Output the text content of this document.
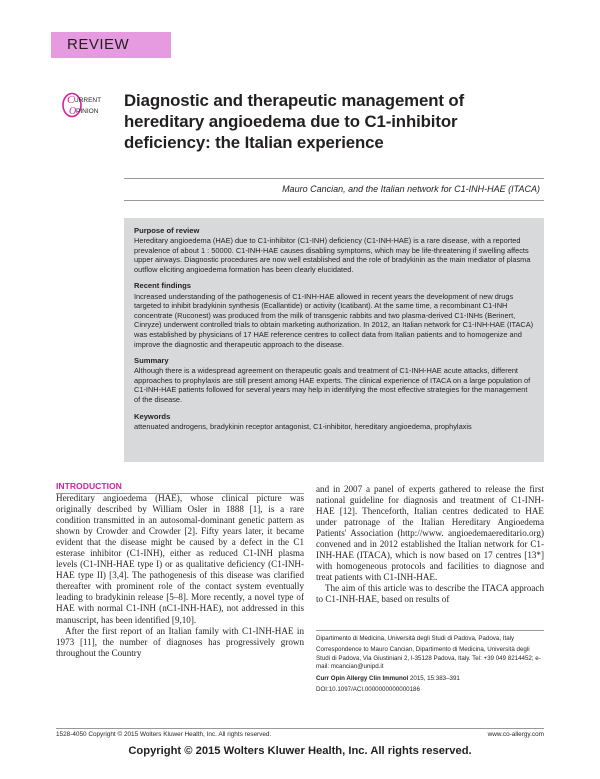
REVIEW
C URRENT
O PINION
Diagnostic and therapeutic management of hereditary angioedema due to C1-inhibitor deficiency: the Italian experience
Mauro Cancian, and the Italian network for C1-INH-HAE (ITACA)
Purpose of review

Hereditary angioedema (HAE) due to C1-inhibitor (C1-INH) deficiency (C1-INH-HAE) is a rare disease, with a reported prevalence of about 1 : 50000. C1-INH-HAE causes disabling symptoms, which may be life-threatening if swelling affects upper airways. Diagnostic procedures are now well established and the role of bradykinin as the main mediator of plasma outflow eliciting angioedema formation has been clearly elucidated.

Recent findings

Increased understanding of the pathogenesis of C1-INH-HAE allowed in recent years the development of new drugs targeted to inhibit bradykinin synthesis (Ecallantide) or activity (Icatibant). At the same time, a recombinant C1-INH concentrate (Ruconest) was produced from the milk of transgenic rabbits and two plasma-derived C1-INHs (Berinert, Cinryze) underwent controlled trials to obtain marketing authorization. In 2012, an Italian network for C1-INH-HAE (ITACA) was established by physicians of 17 HAE reference centres to collect data from Italian patients and to homogenize and improve the diagnostic and therapeutic approach to the disease.

Summary

Although there is a widespread agreement on therapeutic goals and treatment of C1-INH-HAE acute attacks, different approaches to prophylaxis are still present among HAE experts. The clinical experience of ITACA on a large population of C1-INH-HAE patients followed for several years may help in identifying the most effective strategies for the management of the disease.

Keywords

attenuated androgens, bradykinin receptor antagonist, C1-inhibitor, hereditary angioedema, prophylaxis

INTRODUCTION

Hereditary angioedema (HAE), whose clinical picture was originally described by William Osler in 1888 [1], is a rare condition transmitted in an autosomal-dominant genetic pattern as shown by Crowder and Crowder [2]. Fifty years later, it became evident that the disease might be caused by a defect in the C1 esterase inhibitor (C1-INH), either as reduced C1-INH plasma levels (C1-INH-HAE type I) or as qualitative deficiency (C1-INH-HAE type II) [3,4]. The pathogenesis of this disease was clarified thereafter with prominent role of the contact system eventually leading to bradykinin release [5–8]. More recently, a novel type of HAE with normal C1-INH (nC1-INH-HAE), not addressed in this manuscript, has been identified [9,10].

After the first report of an Italian family with C1-INH-HAE in 1973 [11], the number of diagnoses has progressively grown throughout the Country

and in 2007 a panel of experts gathered to release the first national guideline for diagnosis and treatment of C1-INH-HAE [12]. Thenceforth, Italian centres dedicated to HAE under patronage of the Italian Hereditary Angioedema Patients' Association (http://www. angioedemaereditario.org) convened and in 2012 established the Italian network for C1-INH-HAE (ITACA), which is now based on 17 centres [13*] with homogeneous protocols and facilities to diagnose and treat patients with C1-INH-HAE.

The aim of this article was to describe the ITACA approach to C1-INH-HAE, based on results of

Dipartimento di Medicina, Università degli Studi di Padova, Padova, Italy

Correspondence to Mauro Cancian, Dipartimento di Medicina, Università degli Studi di Padova, Via Giustiniani 2, I-35128 Padova, Italy. Tel: +39 049 8214452; e-mail: mcancian@unipd.it

Curr Opin Allergy Clin Immunol 2015, 15:383–391

DOI:10.1097/ACI.0000000000000186

1528-4050 Copyright © 2015 Wolters Kluwer Health, Inc. All rights reserved.	www.co-allergy.com
Copyright © 2015 Wolters Kluwer Health, Inc. All rights reserved.
